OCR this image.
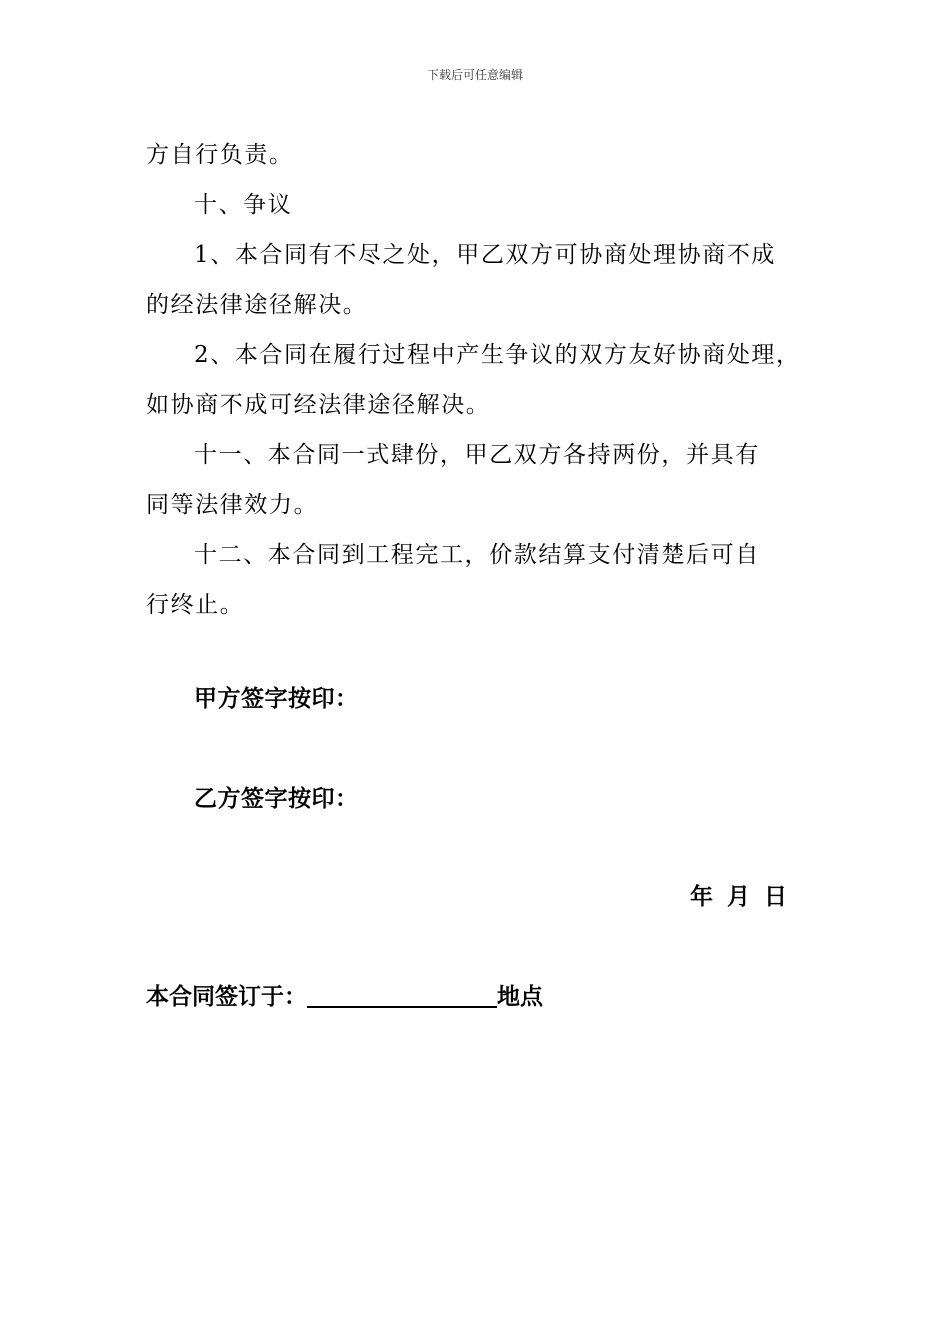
下载后可任意编辑

方自行负责。

十、争议

1、本合同有不尽之处，甲乙双方可协商处理协商不成

的经法律途径解决。

2、本合同在履行过程中产生争议的双方友好协商处理，

如协商不成可经法律途径解决。

十一、本合同一式肆份，甲乙双方各持两份，并具有

同等法律效力。

十二、本合同到工程完工，价款结算支付清楚后可自

行终止。

甲方签字按印：
乙方签字按印：
年 月 日
本合同签订于：	地点
